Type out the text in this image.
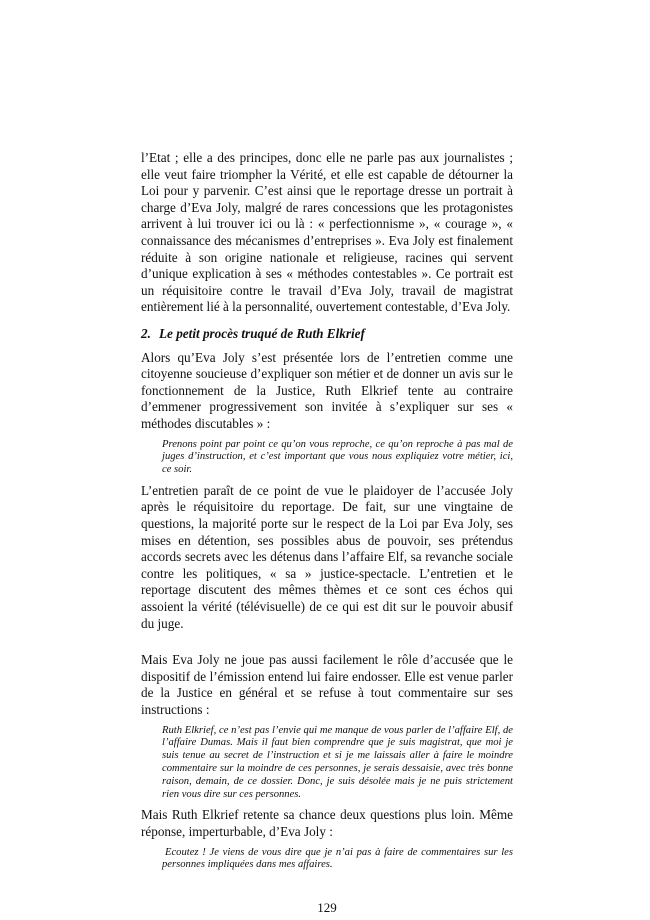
l’Etat ; elle a des principes, donc elle ne parle pas aux journalistes ; elle veut faire triompher la Vérité, et elle est capable de détourner la Loi pour y parvenir. C’est ainsi que le reportage dresse un portrait à charge d’Eva Joly, malgré de rares concessions que les protagonistes arrivent à lui trouver ici ou là : « perfectionnisme », « courage », « connaissance des mécanismes d’entreprises ». Eva Joly est finalement réduite à son origine nationale et religieuse, racines qui servent d’unique explication à ses « méthodes contestables ». Ce portrait est un réquisitoire contre le travail d’Eva Joly, travail de magistrat entièrement lié à la personnalité, ouvertement contestable, d’Eva Joly.

2. Le petit procès truqué de Ruth Elkrief

Alors qu’Eva Joly s’est présentée lors de l’entretien comme une citoyenne soucieuse d’expliquer son métier et de donner un avis sur le fonctionnement de la Justice, Ruth Elkrief tente au contraire d’emmener progressivement son invitée à s’expliquer sur ses « méthodes discutables » :

Prenons point par point ce qu’on vous reproche, ce qu’on reproche à pas mal de juges d’instruction, et c’est important que vous nous expliquiez votre métier, ici, ce soir.

L’entretien paraît de ce point de vue le plaidoyer de l’accusée Joly après le réquisitoire du reportage. De fait, sur une vingtaine de questions, la majorité porte sur le respect de la Loi par Eva Joly, ses mises en détention, ses possibles abus de pouvoir, ses prétendus accords secrets avec les détenus dans l’affaire Elf, sa revanche sociale contre les politiques, « sa » justice-spectacle. L’entretien et le reportage discutent des mêmes thèmes et ce sont ces échos qui assoient la vérité (télévisuelle) de ce qui est dit sur le pouvoir abusif du juge.

Mais Eva Joly ne joue pas aussi facilement le rôle d’accusée que le dispositif de l’émission entend lui faire endosser. Elle est venue parler de la Justice en général et se refuse à tout commentaire sur ses instructions :

Ruth Elkrief, ce n’est pas l’envie qui me manque de vous parler de l’affaire Elf, de l’affaire Dumas. Mais il faut bien comprendre que je suis magistrat, que moi je suis tenue au secret de l’instruction et si je me laissais aller à faire le moindre commentaire sur la moindre de ces personnes, je serais dessaisie, avec très bonne raison, demain, de ce dossier. Donc, je suis désolée mais je ne puis strictement rien vous dire sur ces personnes.

Mais Ruth Elkrief retente sa chance deux questions plus loin. Même réponse, imperturbable, d’Eva Joly :

Ecoutez ! Je viens de vous dire que je n’ai pas à faire de commentaires sur les personnes impliquées dans mes affaires.

129
